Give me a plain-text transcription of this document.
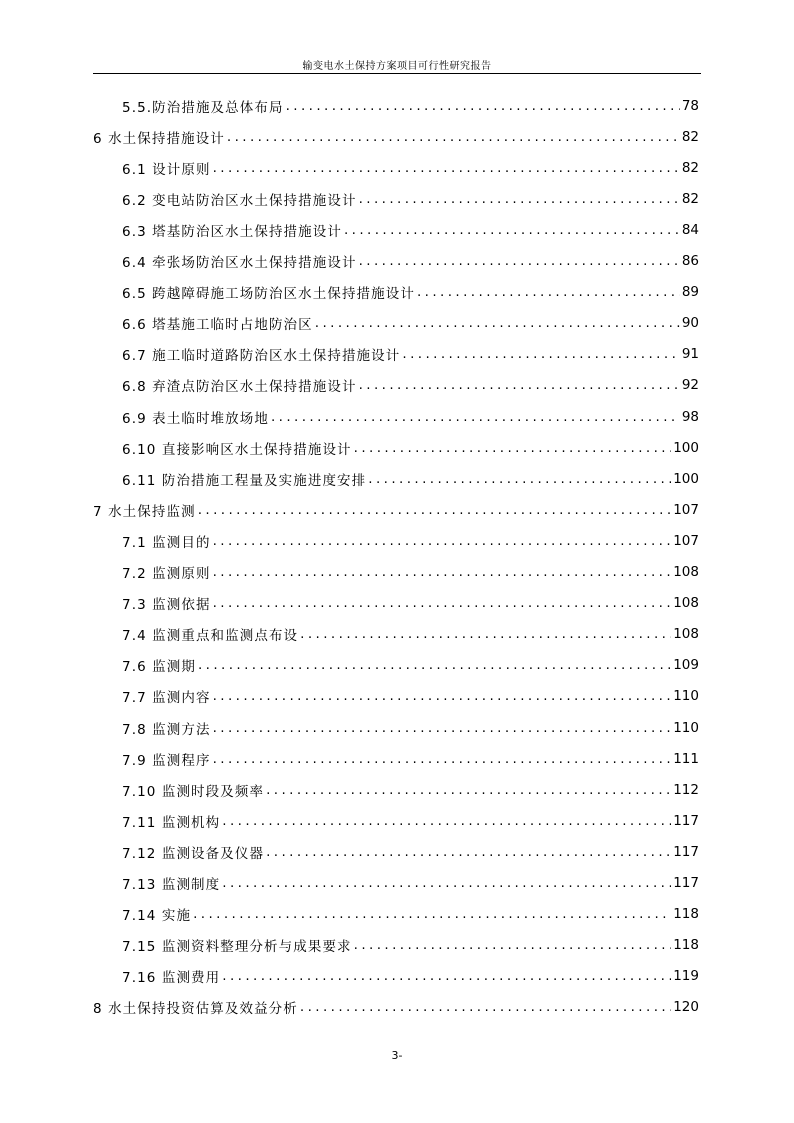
输变电水土保持方案项目可行性研究报告
5.5.防治措施及总体布局 .....	78
6 水土保持措施设计 .....	82
6.1 设计原则 .....	82
6.2 变电站防治区水土保持措施设计 .....	82
6.3 塔基防治区水土保持措施设计 .....	84
6.4 牵张场防治区水土保持措施设计 .....	86
6.5 跨越障碍施工场防治区水土保持措施设计 .....	89
6.6 塔基施工临时占地防治区 .....	90
6.7 施工临时道路防治区水土保持措施设计 .....	91
6.8 弃渣点防治区水土保持措施设计 .....	92
6.9 表土临时堆放场地 .....	98
6.10 直接影响区水土保持措施设计 .....	100
6.11 防治措施工程量及实施进度安排 .....	100
7 水土保持监测 .....	107
7.1 监测目的 .....	107
7.2 监测原则 .....	108
7.3 监测依据 .....	108
7.4 监测重点和监测点布设 .....	108
7.6 监测期 .....	109
7.7 监测内容 .....	110
7.8 监测方法 .....	110
7.9 监测程序 .....	111
7.10 监测时段及频率 .....	112
7.11 监测机构 .....	117
7.12 监测设备及仪器 .....	117
7.13 监测制度 .....	117
7.14 实施 .....	118
7.15 监测资料整理分析与成果要求 .....	118
7.16 监测费用 .....	119
8 水土保持投资估算及效益分析 .....	120
3-
